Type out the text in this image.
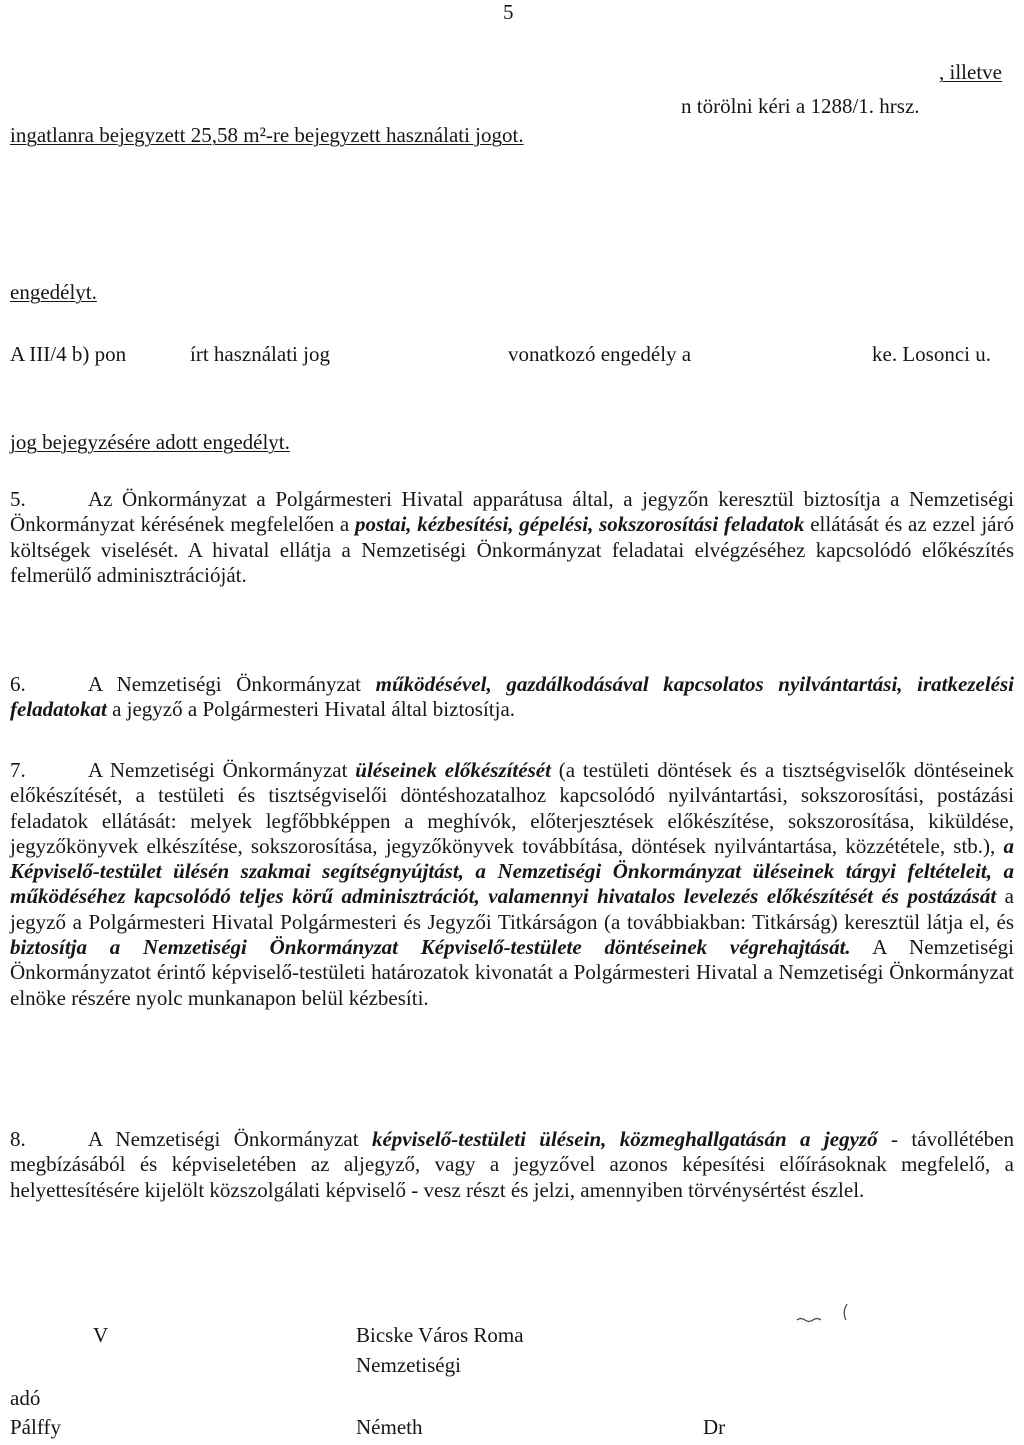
5
, illetve
n törölni kéri a 1288/1. hrsz.
ingatlanra bejegyzett 25,58 m²-re bejegyzett használati jogot.
engedélyt.
A III/4 b) pon	írt használati jog	vonatkozó engedély a	ke. Losonci u.
jog bejegyzésére adott engedélyt.

5.	Az Önkormányzat a Polgármesteri Hivatal apparátusa által, a jegyzőn keresztül biztosítja a Nemzetiségi Önkormányzat kérésének megfelelően a postai, kézbesítési, gépelési, sokszorosítási feladatok ellátását és az ezzel járó költségek viselését. A hivatal ellátja a Nemzetiségi Önkormányzat feladatai elvégzéséhez kapcsolódó előkészítés felmerülő adminisztrációját.

6.	A Nemzetiségi Önkormányzat működésével, gazdálkodásával kapcsolatos nyilvántartási, iratkezelési feladatokat a jegyző a Polgármesteri Hivatal által biztosítja.

7.	A Nemzetiségi Önkormányzat üléseinek előkészítését (a testületi döntések és a tisztségviselők döntéseinek előkészítését, a testületi és tisztségviselői döntéshozatalhoz kapcsolódó nyilvántartási, sokszorosítási, postázási feladatok ellátását: melyek legfőbbképpen a meghívók, előterjesztések előkészítése, sokszorosítása, kiküldése, jegyzőkönyvek elkészítése, sokszorosítása, jegyzőkönyvek továbbítása, döntések nyilvántartása, közzététele, stb.), a Képviselő-testület ülésén szakmai segítségnyújtást, a Nemzetiségi Önkormányzat üléseinek tárgyi feltételeit, a működéséhez kapcsolódó teljes körű adminisztrációt, valamennyi hivatalos levelezés előkészítését és postázását a jegyző a Polgármesteri Hivatal Polgármesteri és Jegyzői Titkárságon (a továbbiakban: Titkárság) keresztül látja el, és biztosítja a Nemzetiségi Önkormányzat Képviselő-testülete döntéseinek végrehajtását. A Nemzetiségi Önkormányzatot érintő képviselő-testületi határozatok kivonatát a Polgármesteri Hivatal a Nemzetiségi Önkormányzat elnöke részére nyolc munkanapon belül kézbesíti.

8.	A Nemzetiségi Önkormányzat képviselő-testületi ülésein, közmeghallgatásán a jegyző - távollétében megbízásából és képviseletében az aljegyző, vagy a jegyzővel azonos képesítési előírásoknak megfelelő, a helyettesítésére kijelölt közszolgálati képviselő - vesz részt és jelzi, amennyiben törvénysértést észlel.

V
adó
Pálffy
Bicske Város Roma
Nemzetiségi
Németh	Dr
